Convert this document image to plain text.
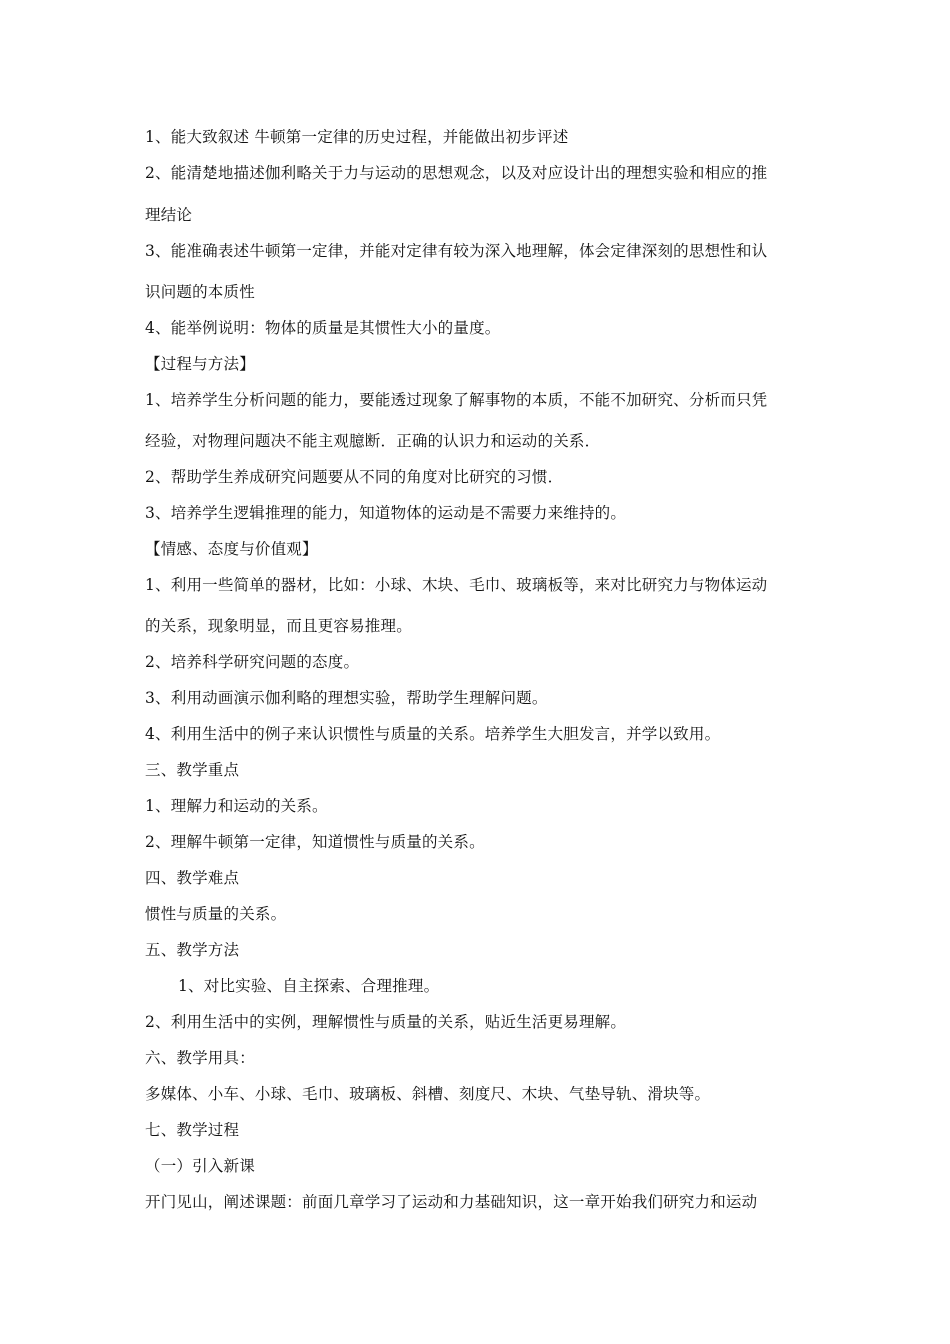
1、能大致叙述 牛顿第一定律的历史过程，并能做出初步评述
2、能清楚地描述伽利略关于力与运动的思想观念，以及对应设计出的理想实验和相应的推
理结论
3、能准确表述牛顿第一定律，并能对定律有较为深入地理解，体会定律深刻的思想性和认
识问题的本质性
4、能举例说明：物体的质量是其惯性大小的量度。
【过程与方法】
1、培养学生分析问题的能力，要能透过现象了解事物的本质，不能不加研究、分析而只凭
经验，对物理问题决不能主观臆断．正确的认识力和运动的关系．
2、帮助学生养成研究问题要从不同的角度对比研究的习惯．
3、培养学生逻辑推理的能力，知道物体的运动是不需要力来维持的。
【情感、态度与价值观】
1、利用一些简单的器材，比如：小球、木块、毛巾、玻璃板等，来对比研究力与物体运动
的关系，现象明显，而且更容易推理。
2、培养科学研究问题的态度。
3、利用动画演示伽利略的理想实验，帮助学生理解问题。
4、利用生活中的例子来认识惯性与质量的关系。培养学生大胆发言，并学以致用。
三、教学重点
1、理解力和运动的关系。
2、理解牛顿第一定律，知道惯性与质量的关系。
四、教学难点
惯性与质量的关系。
五、教学方法
1、对比实验、自主探索、合理推理。
2、利用生活中的实例，理解惯性与质量的关系，贴近生活更易理解。
六、教学用具：
多媒体、小车、小球、毛巾、玻璃板、斜槽、刻度尺、木块、气垫导轨、滑块等。
七、教学过程
（一）引入新课
开门见山，阐述课题：前面几章学习了运动和力基础知识，这一章开始我们研究力和运动
